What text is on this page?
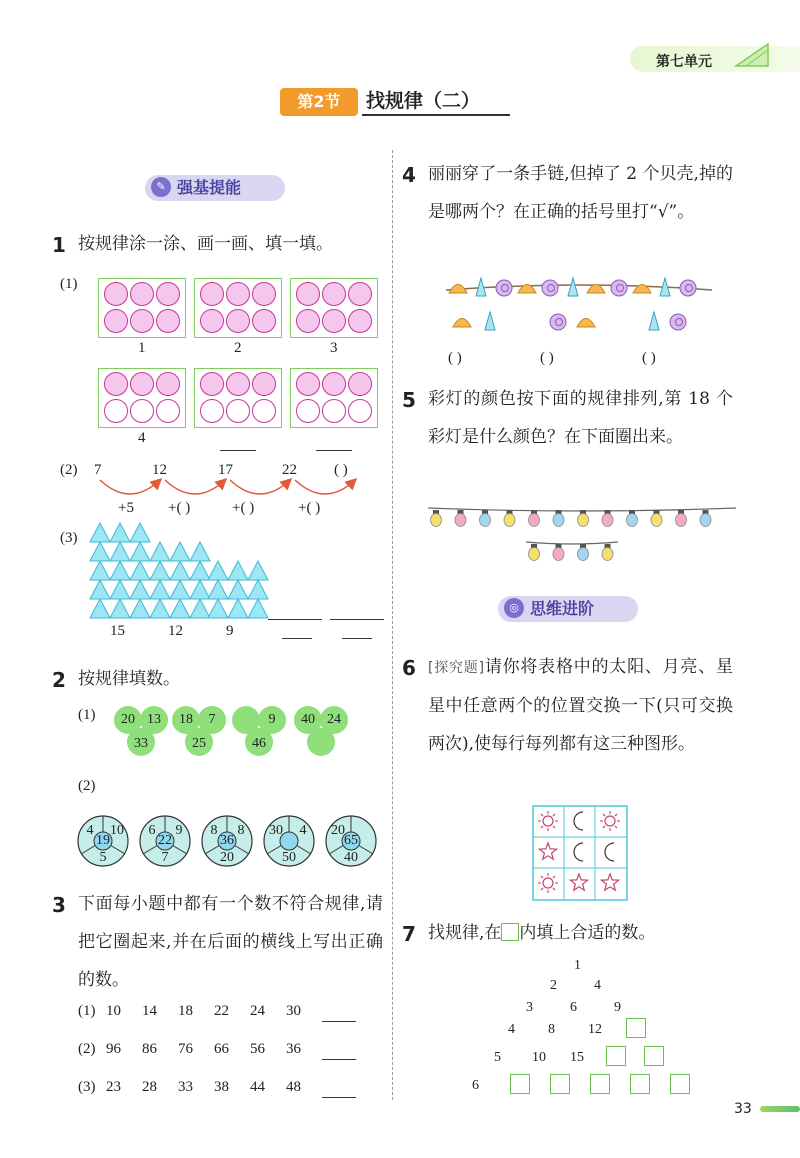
第七单元
第2节	找规律（二）
✎ 强基提能
1 按规律涂一涂、画一画、填一填。
(1)
1	2	3
4
(2) 7	12	17	22 ( )
+5 +( )	+( )	+( )
(3)
15	12	9
2 按规律填数。
(1)	20 13
33
18	7
25
9
46
40 24
(2)
4	10
19
5
6	9
22
7
8	8
36
20
30	4
50
20
65
40
3 下面每小题中都有一个数不符合规律,请把它圈起来,并在后面的横线上写出正确的数。
(1) 10 14 18 22 24 30
(2) 96 86 76 66 56 36
(3) 23 28 33 38 44 48
4 丽丽穿了一条手链,但掉了 2 个贝壳,掉的是哪两个？在正确的括号里打“√”。
( )	( )	( )
5 彩灯的颜色按下面的规律排列,第 18 个彩灯是什么颜色？在下面圈出来。
◎ 思维进阶
6 [探究题]请你将表格中的太阳、月亮、星星中任意两个的位置交换一下(只可交换两次),使每行每列都有这三种图形。
7 找规律,在 内填上合适的数。
1
2	4
3	6	9
4 8 12
5 10 15
6
33
